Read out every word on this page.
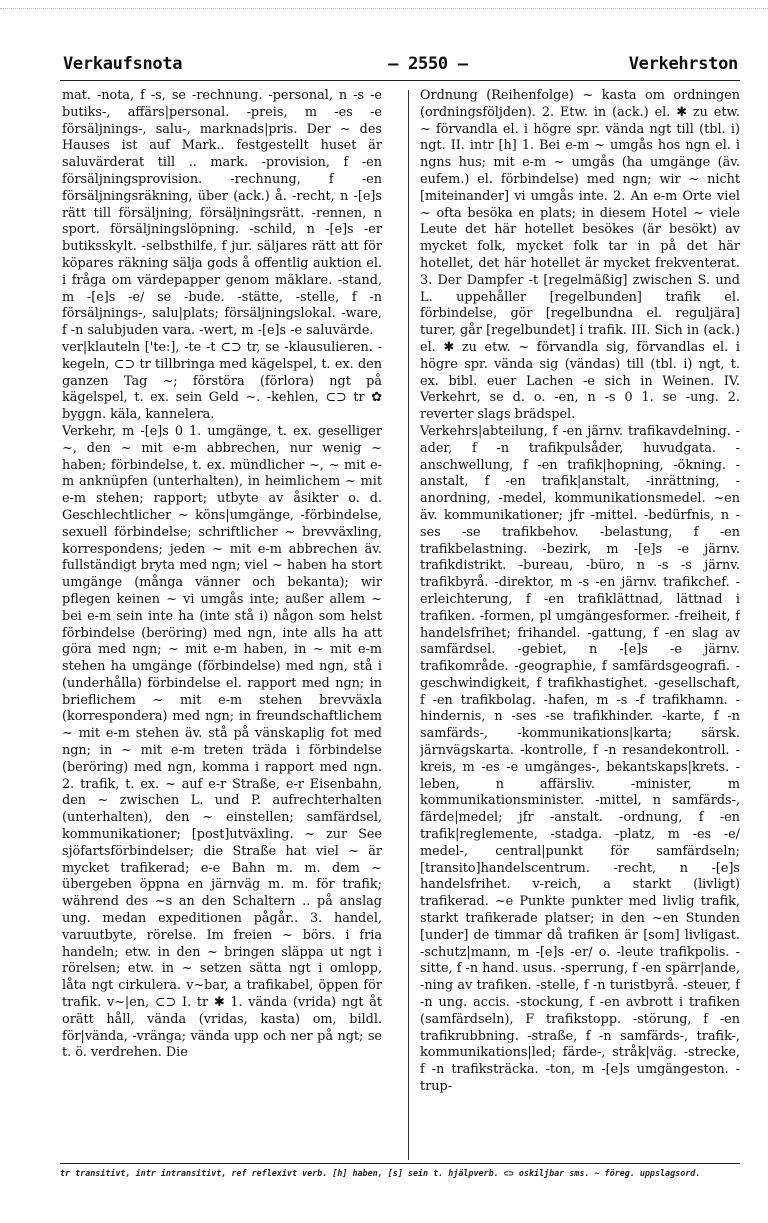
Verkaufsnota	— 2550 —	Verkehrston

mat. -nota, f -s, se -rechnung. -personal, n -s -e butiks-, affärs|personal. -preis, m -es -e försäljnings-, salu-, marknads|pris. Der ~ des Hauses ist auf Mark.. festgestellt huset är saluvärderat till .. mark. -provision, f -en försäljningsprovision. -rechnung, f -en försäljningsräkning, über (ack.) å. -recht, n -[e]s rätt till försäljning, försäljningsrätt. -rennen, n sport. försäljningslöpning. -schild, n -[e]s -er butiksskylt. -selbsthilfe, f jur. säljares rätt att för köpares räkning sälja gods å offentlig auktion el. i fråga om värdepapper genom mäklare. -stand, m -[e]s -e/ se -bude. -stätte, -stelle, f -n försäljnings-, salu|plats; försäljningslokal. -ware, f -n salubjuden vara. -wert, m -[e]s -e saluvärde.

ver|klauteln ['te:], -te -t ⊂⊃ tr, se -klausulieren. -kegeln, ⊂⊃ tr tillbringa med kägelspel, t. ex. den ganzen Tag ~; förstöra (förlora) ngt på kägelspel, t. ex. sein Geld ~. -kehlen, ⊂⊃ tr ✿ byggn. käla, kannelera.

Verkehr, m -[e]s 0 1. umgänge, t. ex. geselliger ~, den ~ mit e-m abbrechen, nur wenig ~ haben; förbindelse, t. ex. mündlicher ~, ~ mit e-m anknüpfen (unterhalten), in heimlichem ~ mit e-m stehen; rapport; utbyte av åsikter o. d. Geschlechtlicher ~ köns|umgänge, -förbindelse, sexuell förbindelse; schriftlicher ~ brevväxling, korrespondens; jeden ~ mit e-m abbrechen äv. fullständigt bryta med ngn; viel ~ haben ha stort umgänge (många vänner och bekanta); wir pflegen keinen ~ vi umgås inte; außer allem ~ bei e-m sein inte ha (inte stå i) någon som helst förbindelse (beröring) med ngn, inte alls ha att göra med ngn; ~ mit e-m haben, in ~ mit e-m stehen ha umgänge (förbindelse) med ngn, stå i (underhålla) förbindelse el. rapport med ngn; in brieflichem ~ mit e-m stehen brevväxla (korrespondera) med ngn; in freundschaftlichem ~ mit e-m stehen äv. stå på vänskaplig fot med ngn; in ~ mit e-m treten träda i förbindelse (beröring) med ngn, komma i rapport med ngn. 2. trafik, t. ex. ~ auf e-r Straße, e-r Eisenbahn, den ~ zwischen L. und P. aufrechterhalten (unterhalten), den ~ einstellen; samfärdsel, kommunikationer; [post]utväxling. ~ zur See sjöfartsförbindelser; die Straße hat viel ~ är mycket trafikerad; e-e Bahn m. m. dem ~ übergeben öppna en järnväg m. m. för trafik; während des ~s an den Schaltern .. på anslag ung. medan expeditionen pågår.. 3. handel, varuutbyte, rörelse. Im freien ~ börs. i fria handeln; etw. in den ~ bringen släppa ut ngt i rörelsen; etw. in ~ setzen sätta ngt i omlopp, låta ngt cirkulera. v~bar, a trafikabel, öppen för trafik. v~|en, ⊂⊃ I. tr ✱ 1. vända (vrida) ngt åt orätt håll, vända (vridas, kasta) om, bildl. för|vända, -vränga; vända upp och ner på ngt; se t. ö. verdrehen. Die

Ordnung (Reihenfolge) ~ kasta om ordningen (ordningsföljden). 2. Etw. in (ack.) el. ✱ zu etw. ~ förvandla el. i högre spr. vända ngt till (tbl. i) ngt. II. intr [h] 1. Bei e-m ~ umgås hos ngn el. i ngns hus; mit e-m ~ umgås (ha umgänge (äv. eufem.) el. förbindelse) med ngn; wir ~ nicht [miteinander] vi umgås inte. 2. An e-m Orte viel ~ ofta besöka en plats; in diesem Hotel ~ viele Leute det här hotellet besökes (är besökt) av mycket folk, mycket folk tar in på det här hotellet, det här hotellet är mycket frekventerat. 3. Der Dampfer -t [regelmäßig] zwischen S. und L. uppehåller [regelbunden] trafik el. förbindelse, gör [regelbundna el. reguljära] turer, går [regelbundet] i trafik. III. Sich in (ack.) el. ✱ zu etw. ~ förvandla sig, förvandlas el. i högre spr. vända sig (vändas) till (tbl. i) ngt, t. ex. bibl. euer Lachen -e sich in Weinen. IV. Verkehrt, se d. o. -en, n -s 0 1. se -ung. 2. reverter slags brädspel.

Verkehrs|abteilung, f -en järnv. trafikavdelning. -ader, f -n trafikpulsåder, huvudgata. -anschwellung, f -en trafik|hopning, -ökning. -anstalt, f -en trafik|anstalt, -inrättning, -anordning, -medel, kommunikationsmedel. ~en äv. kommunikationer; jfr -mittel. -bedürfnis, n -ses -se trafikbehov. -belastung, f -en trafikbelastning. -bezirk, m -[e]s -e järnv. trafikdistrikt. -bureau, -büro, n -s -s järnv. trafikbyrå. -direktor, m -s -en järnv. trafikchef. -erleichterung, f -en trafiklättnad, lättnad i trafiken. -formen, pl umgängesformer. -freiheit, f handelsfrihet; frihandel. -gattung, f -en slag av samfärdsel. -gebiet, n -[e]s -e järnv. trafikområde. -geographie, f samfärdsgeografi. -geschwindigkeit, f trafikhastighet. -gesellschaft, f -en trafikbolag. -hafen, m -s -f trafikhamn. -hindernis, n -ses -se trafikhinder. -karte, f -n samfärds-, -kommunikations|karta; särsk. järnvägskarta. -kontrolle, f -n resandekontroll. -kreis, m -es -e umgänges-, bekantskaps|krets. -leben, n affärsliv. -minister, m kommunikationsminister. -mittel, n samfärds-, färde|medel; jfr -anstalt. -ordnung, f -en trafik|reglemente, -stadga. -platz, m -es -e/ medel-, central|punkt för samfärdseln; [transito]handelscentrum. -recht, n -[e]s handelsfrihet. v-reich, a starkt (livligt) trafikerad. ~e Punkte punkter med livlig trafik, starkt trafikerade platser; in den ~en Stunden [under] de timmar då trafiken är [som] livligast. -schutz|mann, m -[e]s -er/ o. -leute trafikpolis. -sitte, f -n hand. usus. -sperrung, f -en spärr|ande, -ning av trafiken. -stelle, f -n turistbyrå. -steuer, f -n ung. accis. -stockung, f -en avbrott i trafiken (samfärdseln), F trafikstopp. -störung, f -en trafikrubbning. -straße, f -n samfärds-, trafik-, kommunikations|led; färde-, stråk|väg. -strecke, f -n trafiksträcka. -ton, m -[e]s umgängeston. -trup-

tr transitivt, intr intransitivt, ref reflexivt verb. [h] haben, [s] sein t. hjälpverb. ⊂⊃ oskiljbar sms. ~ föreg. uppslagsord.
